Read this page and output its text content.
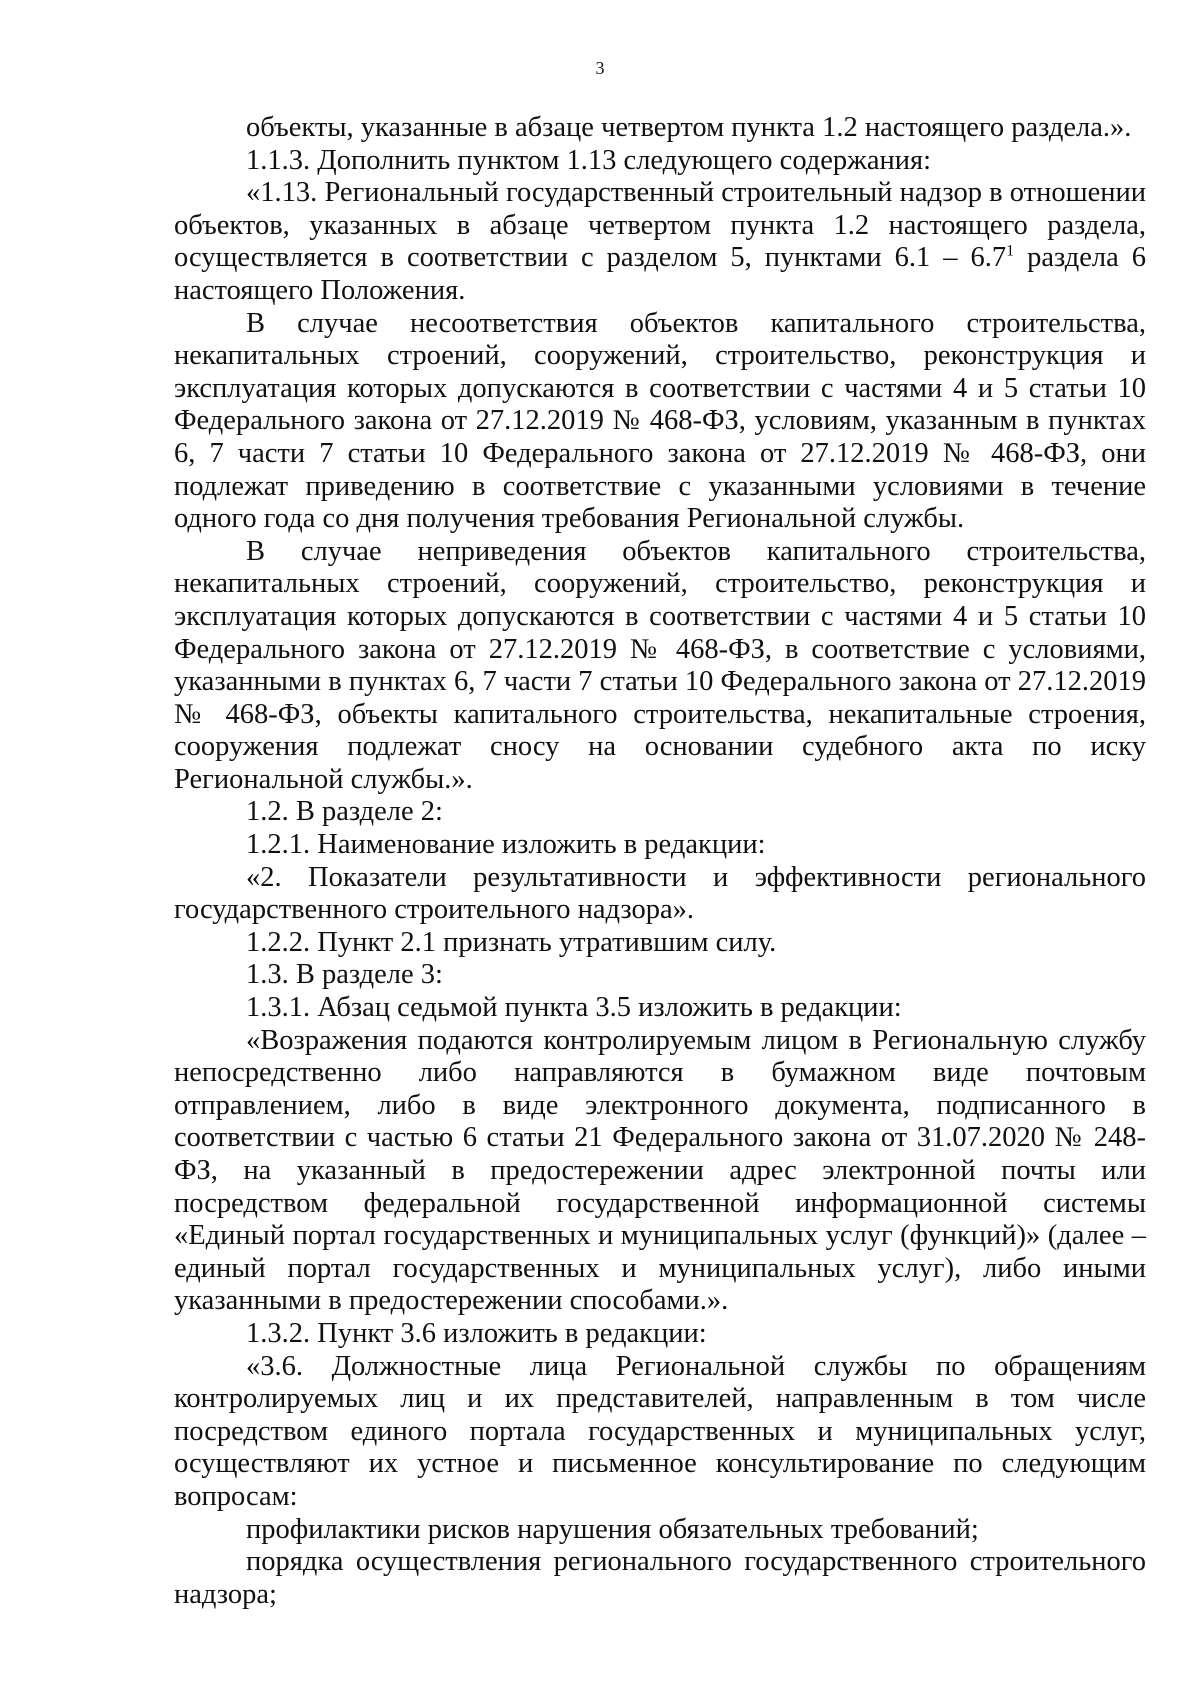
3

объекты, указанные в абзаце четвертом пункта 1.2 настоящего раздела.».

1.1.3. Дополнить пунктом 1.13 следующего содержания:

«1.13. Региональный государственный строительный надзор в отношении объектов, указанных в абзаце четвертом пункта 1.2 настоящего раздела, осуществляется в соответствии с разделом 5, пунктами $6.1 - 6.7^1$ раздела 6 настоящего Положения.

В случае несоответствия объектов капитального строительства, некапитальных строений, сооружений, строительство, реконструкция и эксплуатация которых допускаются в соответствии с частями 4 и 5 статьи 10 Федерального закона от 27.12.2019 № 468-ФЗ, условиям, указанным в пунктах 6, 7 части 7 статьи 10 Федерального закона от 27.12.2019 № 468-ФЗ, они подлежат приведению в соответствие с указанными условиями в течение одного года со дня получения требования Региональной службы.

В случае неприведения объектов капитального строительства, некапитальных строений, сооружений, строительство, реконструкция и эксплуатация которых допускаются в соответствии с частями 4 и 5 статьи 10 Федерального закона от 27.12.2019 № 468-ФЗ, в соответствие с условиями, указанными в пунктах 6, 7 части 7 статьи 10 Федерального закона от 27.12.2019 № 468-ФЗ, объекты капитального строительства, некапитальные строения, сооружения подлежат сносу на основании судебного акта по иску Региональной службы.».

1.2. В разделе 2:

1.2.1. Наименование изложить в редакции:

«2. Показатели результативности и эффективности регионального государственного строительного надзора».

1.2.2. Пункт 2.1 признать утратившим силу.

1.3. В разделе 3:

1.3.1. Абзац седьмой пункта 3.5 изложить в редакции:

«Возражения подаются контролируемым лицом в Региональную службу непосредственно либо направляются в бумажном виде почтовым отправлением, либо в виде электронного документа, подписанного в соответствии с частью 6 статьи 21 Федерального закона от 31.07.2020 № 248-ФЗ, на указанный в предостережении адрес электронной почты или посредством федеральной государственной информационной системы «Единый портал государственных и муниципальных услуг (функций)» (далее – единый портал государственных и муниципальных услуг), либо иными указанными в предостережении способами.».

1.3.2. Пункт 3.6 изложить в редакции:

«3.6. Должностные лица Региональной службы по обращениям контролируемых лиц и их представителей, направленным в том числе посредством единого портала государственных и муниципальных услуг, осуществляют их устное и письменное консультирование по следующим вопросам:

профилактики рисков нарушения обязательных требований;

порядка осуществления регионального государственного строительного надзора;
